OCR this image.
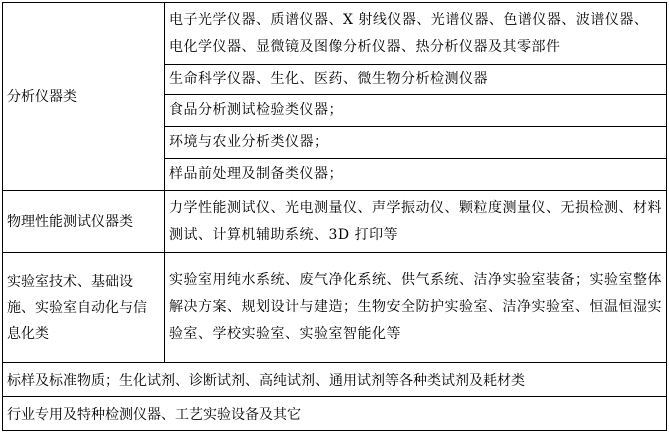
分析仪器类	电子光学仪器、质谱仪器、X 射线仪器、光谱仪器、色谱仪器、波谱仪器、电化学仪器、显微镜及图像分析仪器、热分析仪器及其零部件
	生命科学仪器、生化、医药、微生物分析检测仪器
	食品分析测试检验类仪器；
	环境与农业分析类仪器；
	样品前处理及制备类仪器；
物理性能测试仪器类	力学性能测试仪、光电测量仪、声学振动仪、颗粒度测量仪、无损检测、材料测试、计算机辅助系统、3D 打印等
实验室技术、基础设施、实验室自动化与信息化类	实验室用纯水系统、废气净化系统、供气系统、洁净实验室装备；实验室整体解决方案、规划设计与建造；生物安全防护实验室、洁净实验室、恒温恒湿实验室、学校实验室、实验室智能化等
标样及标准物质；生化试剂、诊断试剂、高纯试剂、通用试剂等各种类试剂及耗材类	
行业专用及特种检测仪器、工艺实验设备及其它	
